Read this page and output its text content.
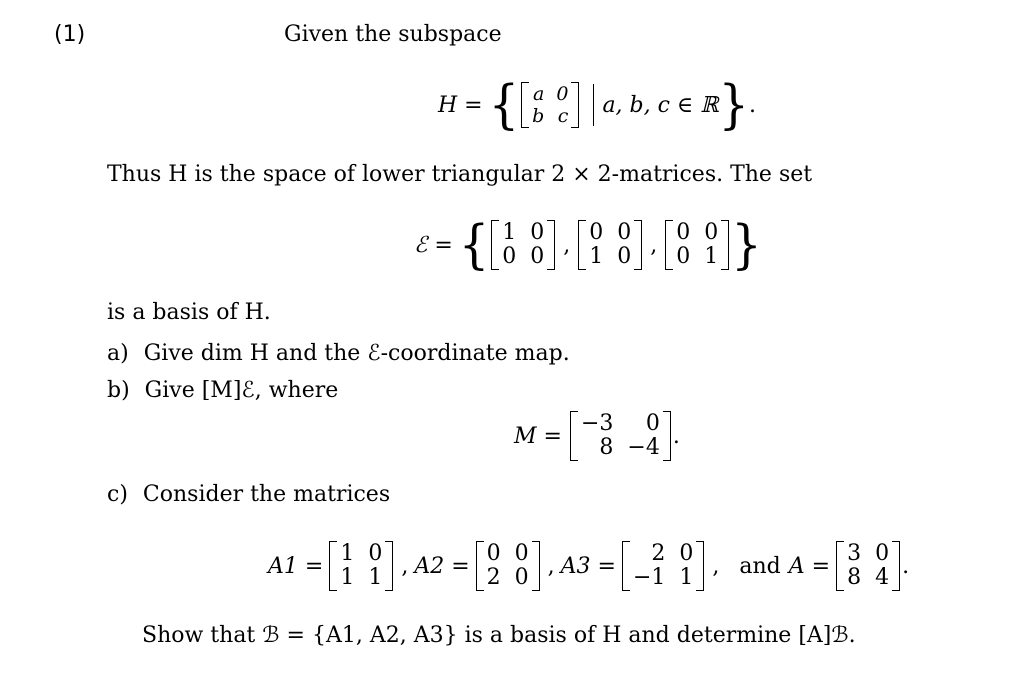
(1)	Given the subspace
H = { a 0
b c a, b, c ∈ ℝ } .
Thus H is the space of lower triangular 2 × 2-matrices. The set
ℰ = { 1 0
0 0 , 0 0
1 0 , 0 0
0 1 }
is a basis of H.
a) Give dim H and the ℰ-coordinate map.
b) Give [M]ℰ, where
M = −3	0
8 −4 .
c) Consider the matrices
A1 = 1 0
1 1 , A2 = 0 0
2 0 , A3 =	2 0
−1 1 , and A = 3 0
8 4 .
Show that ℬ = {A1, A2, A3} is a basis of H and determine [A]ℬ.
